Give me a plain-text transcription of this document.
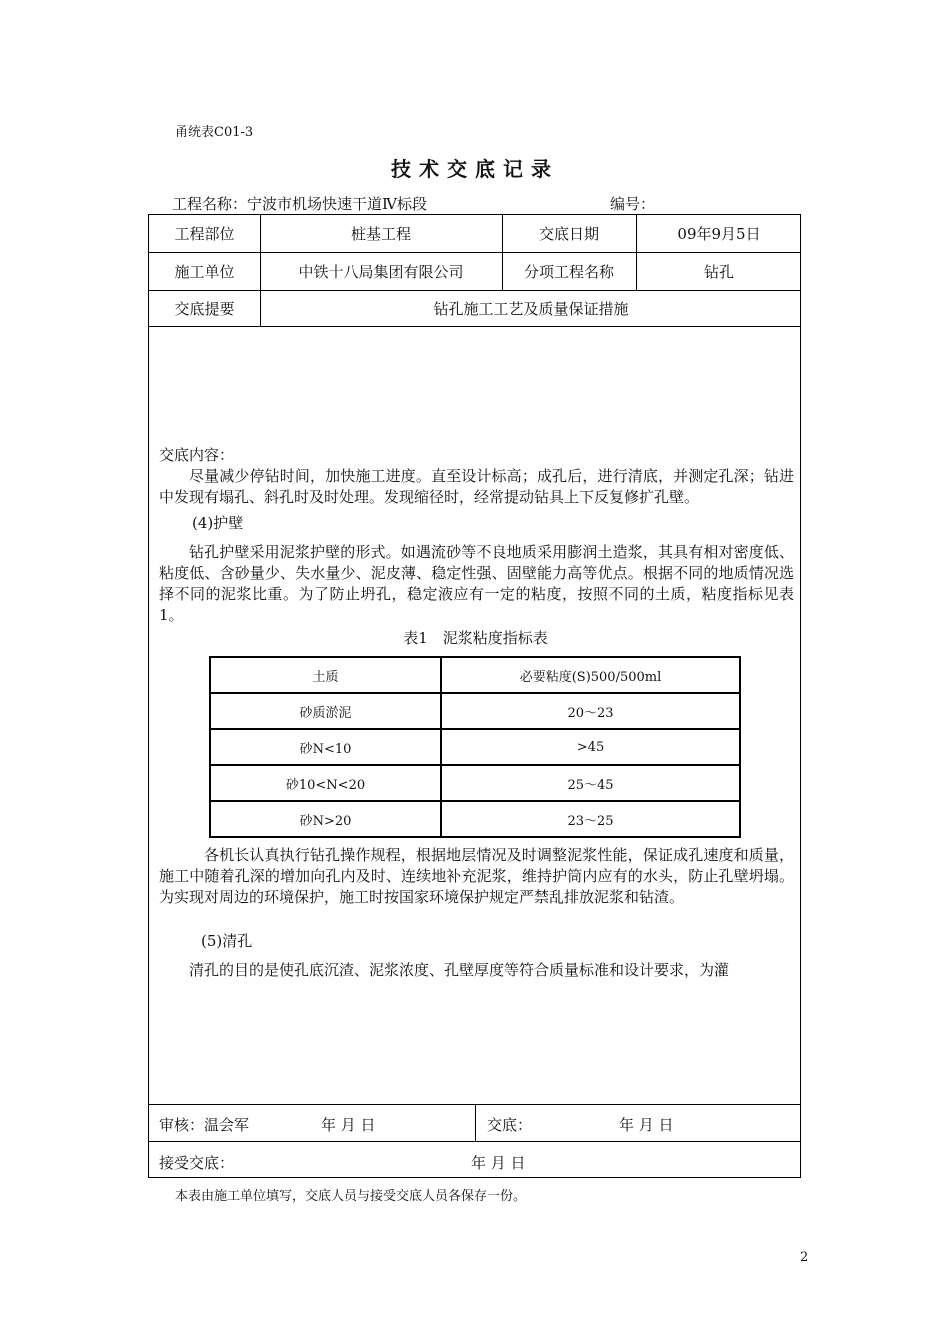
甬统表C01-3
技术交底记录
工程名称：宁波市机场快速干道Ⅳ标段	编号：
工程部位	桩基工程	交底日期	09年9月5日
施工单位	中铁十八局集团有限公司	分项工程名称	钻孔
交底提要	钻孔施工工艺及质量保证措施

交底内容：

尽量减少停钻时间，加快施工进度。直至设计标高；成孔后，进行清底，并测定孔深；钻进中发现有塌孔、斜孔时及时处理。发现缩径时，经常提动钻具上下反复修扩孔壁。

(4)护壁
钻孔护壁采用泥浆护壁的形式。如遇流砂等不良地质采用膨润土造浆，其具有相对密度低、粘度低、含砂量少、失水量少、泥皮薄、稳定性强、固壁能力高等优点。根据不同的地质情况选择不同的泥浆比重。为了防止坍孔，稳定液应有一定的粘度，按照不同的土质，粘度指标见表1。
表1　泥浆粘度指标表
土质	必要粘度(S)500/500ml
砂质淤泥	20～23
砂N<10	>45
砂10<N<20	25～45
砂N>20	23～25
各机长认真执行钻孔操作规程，根据地层情况及时调整泥浆性能，保证成孔速度和质量，施工中随着孔深的增加向孔内及时、连续地补充泥浆，维持护筒内应有的水头，防止孔壁坍塌。为实现对周边的环境保护，施工时按国家环境保护规定严禁乱排放泥浆和钻渣。
(5)清孔
清孔的目的是使孔底沉渣、泥浆浓度、孔壁厚度等符合质量标准和设计要求，为灌
审核：温会军	年 月 日	交底：	年 月 日
接受交底：	年 月 日
本表由施工单位填写，交底人员与接受交底人员各保存一份。
2
